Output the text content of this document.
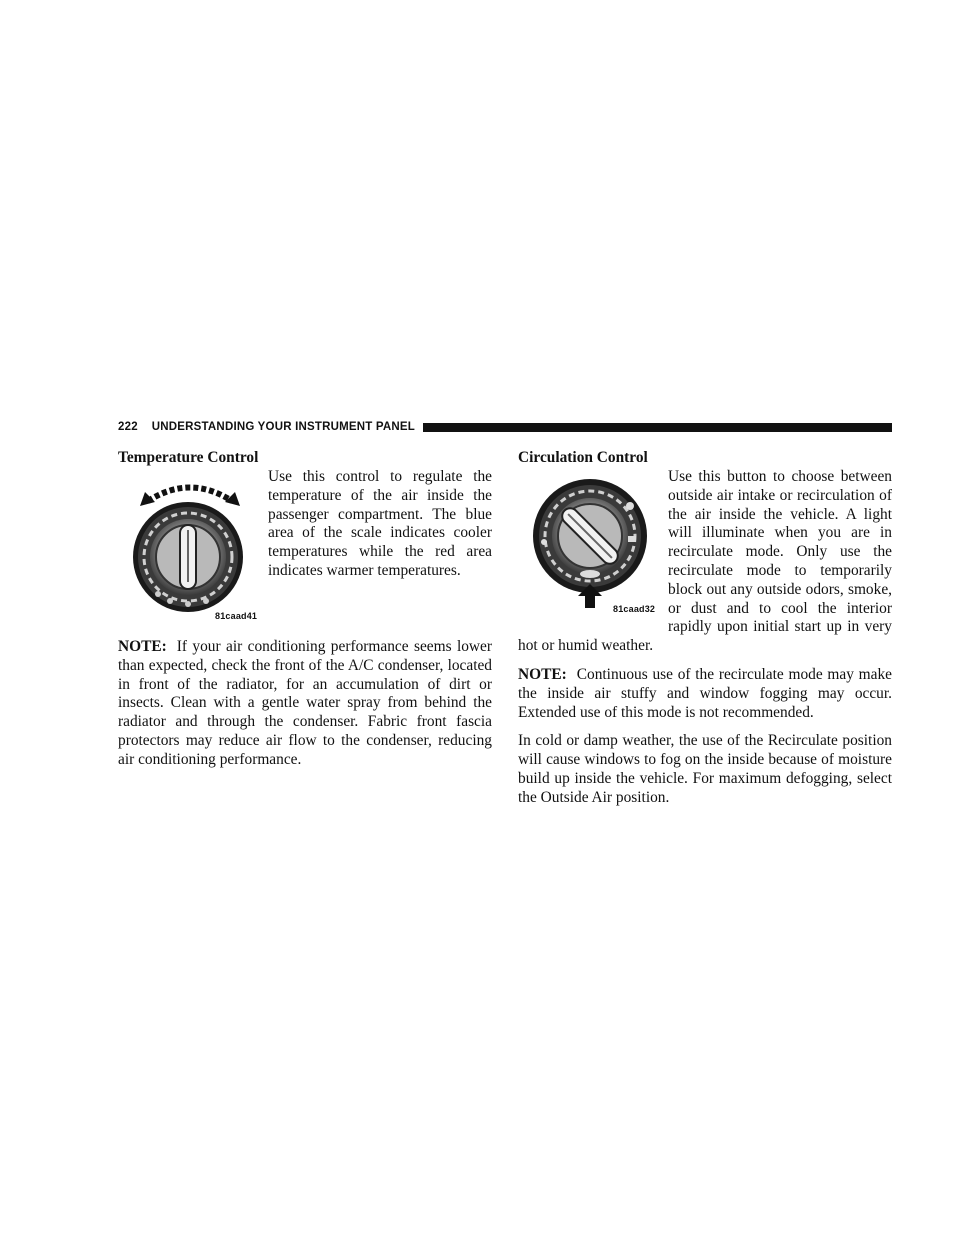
222 UNDERSTANDING YOUR INSTRUMENT PANEL
Temperature Control
81caad41

Use this control to regulate the temperature of the air inside the passenger compartment. The blue area of the scale indicates cooler temperatures while the red area indicates warmer temperatures.

NOTE: If your air conditioning performance seems lower than expected, check the front of the A/C condenser, located in front of the radiator, for an accumulation of dirt or insects. Clean with a gentle water spray from behind the radiator and through the condenser. Fabric front fascia protectors may reduce air flow to the condenser, reducing air conditioning performance.

Circulation Control
81caad32

Use this button to choose between outside air intake or recirculation of the air inside the vehicle. A light will illuminate when you are in recirculate mode. Only use the recirculate mode to temporarily block out any outside odors, smoke, or dust and to cool the interior rapidly upon initial start up in very hot or humid weather.

NOTE: Continuous use of the recirculate mode may make the inside air stuffy and window fogging may occur. Extended use of this mode is not recommended.

In cold or damp weather, the use of the Recirculate position will cause windows to fog on the inside because of moisture build up inside the vehicle. For maximum defogging, select the Outside Air position.
